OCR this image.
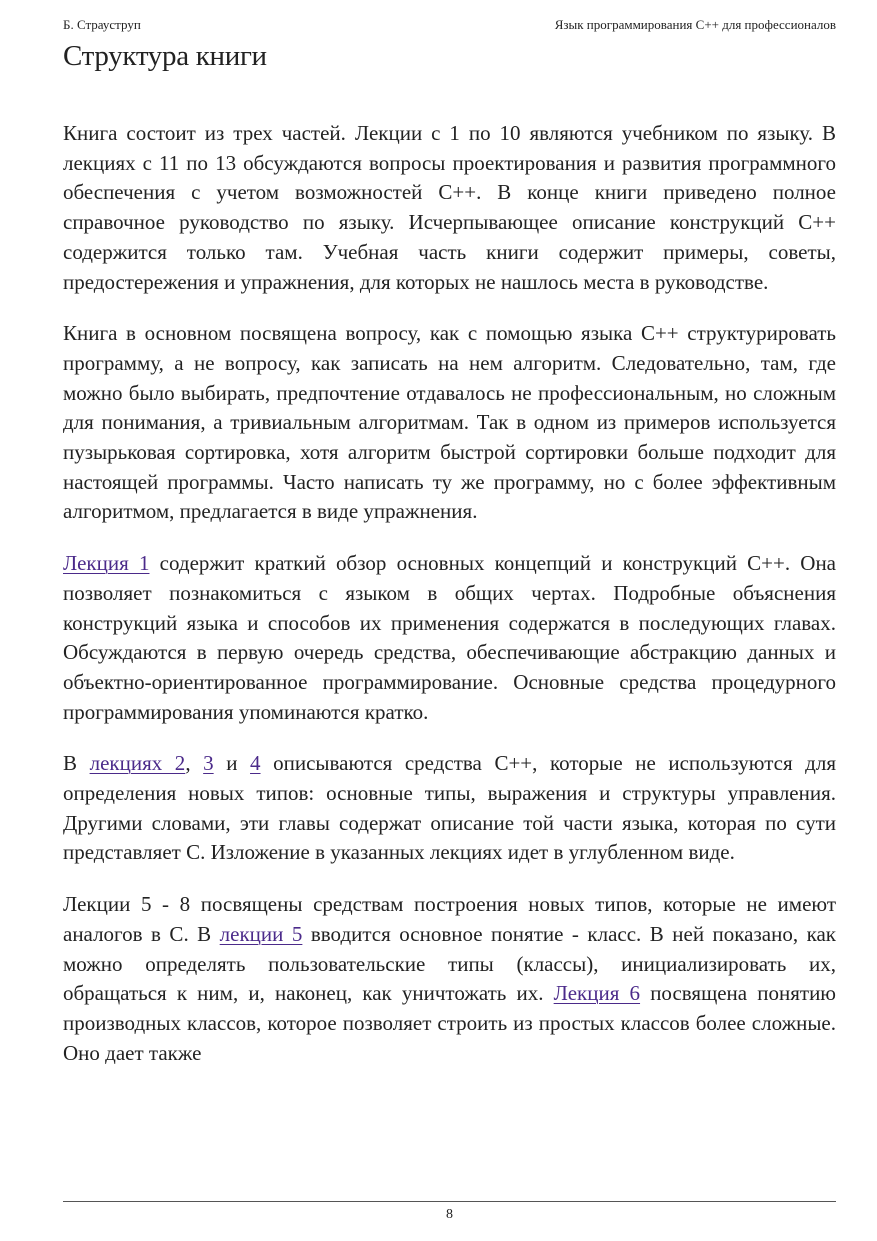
Б. Страуструп	Язык программирования С++ для профессионалов
Структура книги

Книга состоит из трех частей. Лекции с 1 по 10 являются учебником по языку. В лекциях с 11 по 13 обсуждаются вопросы проектирования и развития программного обеспечения с учетом возможностей С++. В конце книги приведено полное справочное руководство по языку. Исчерпывающее описание конструкций С++ содержится только там. Учебная часть книги содержит примеры, советы, предостережения и упражнения, для которых не нашлось места в руководстве.

Книга в основном посвящена вопросу, как с помощью языка С++ структурировать программу, а не вопросу, как записать на нем алгоритм. Следовательно, там, где можно было выбирать, предпочтение отдавалось не профессиональным, но сложным для понимания, а тривиальным алгоритмам. Так в одном из примеров используется пузырьковая сортировка, хотя алгоритм быстрой сортировки больше подходит для настоящей программы. Часто написать ту же программу, но с более эффективным алгоритмом, предлагается в виде упражнения.

Лекция 1 содержит краткий обзор основных концепций и конструкций С++. Она позволяет познакомиться с языком в общих чертах. Подробные объяснения конструкций языка и способов их применения содержатся в последующих главах. Обсуждаются в первую очередь средства, обеспечивающие абстракцию данных и объектно-ориентированное программирование. Основные средства процедурного программирования упоминаются кратко.

В лекциях 2, 3 и 4 описываются средства С++, которые не используются для определения новых типов: основные типы, выражения и структуры управления. Другими словами, эти главы содержат описание той части языка, которая по сути представляет С. Изложение в указанных лекциях идет в углубленном виде.

Лекции 5 - 8 посвящены средствам построения новых типов, которые не имеют аналогов в С. В лекции 5 вводится основное понятие - класс. В ней показано, как можно определять пользовательские типы (классы), инициализировать их, обращаться к ним, и, наконец, как уничтожать их. Лекция 6 посвящена понятию производных классов, которое позволяет строить из простых классов более сложные. Оно дает также

8
